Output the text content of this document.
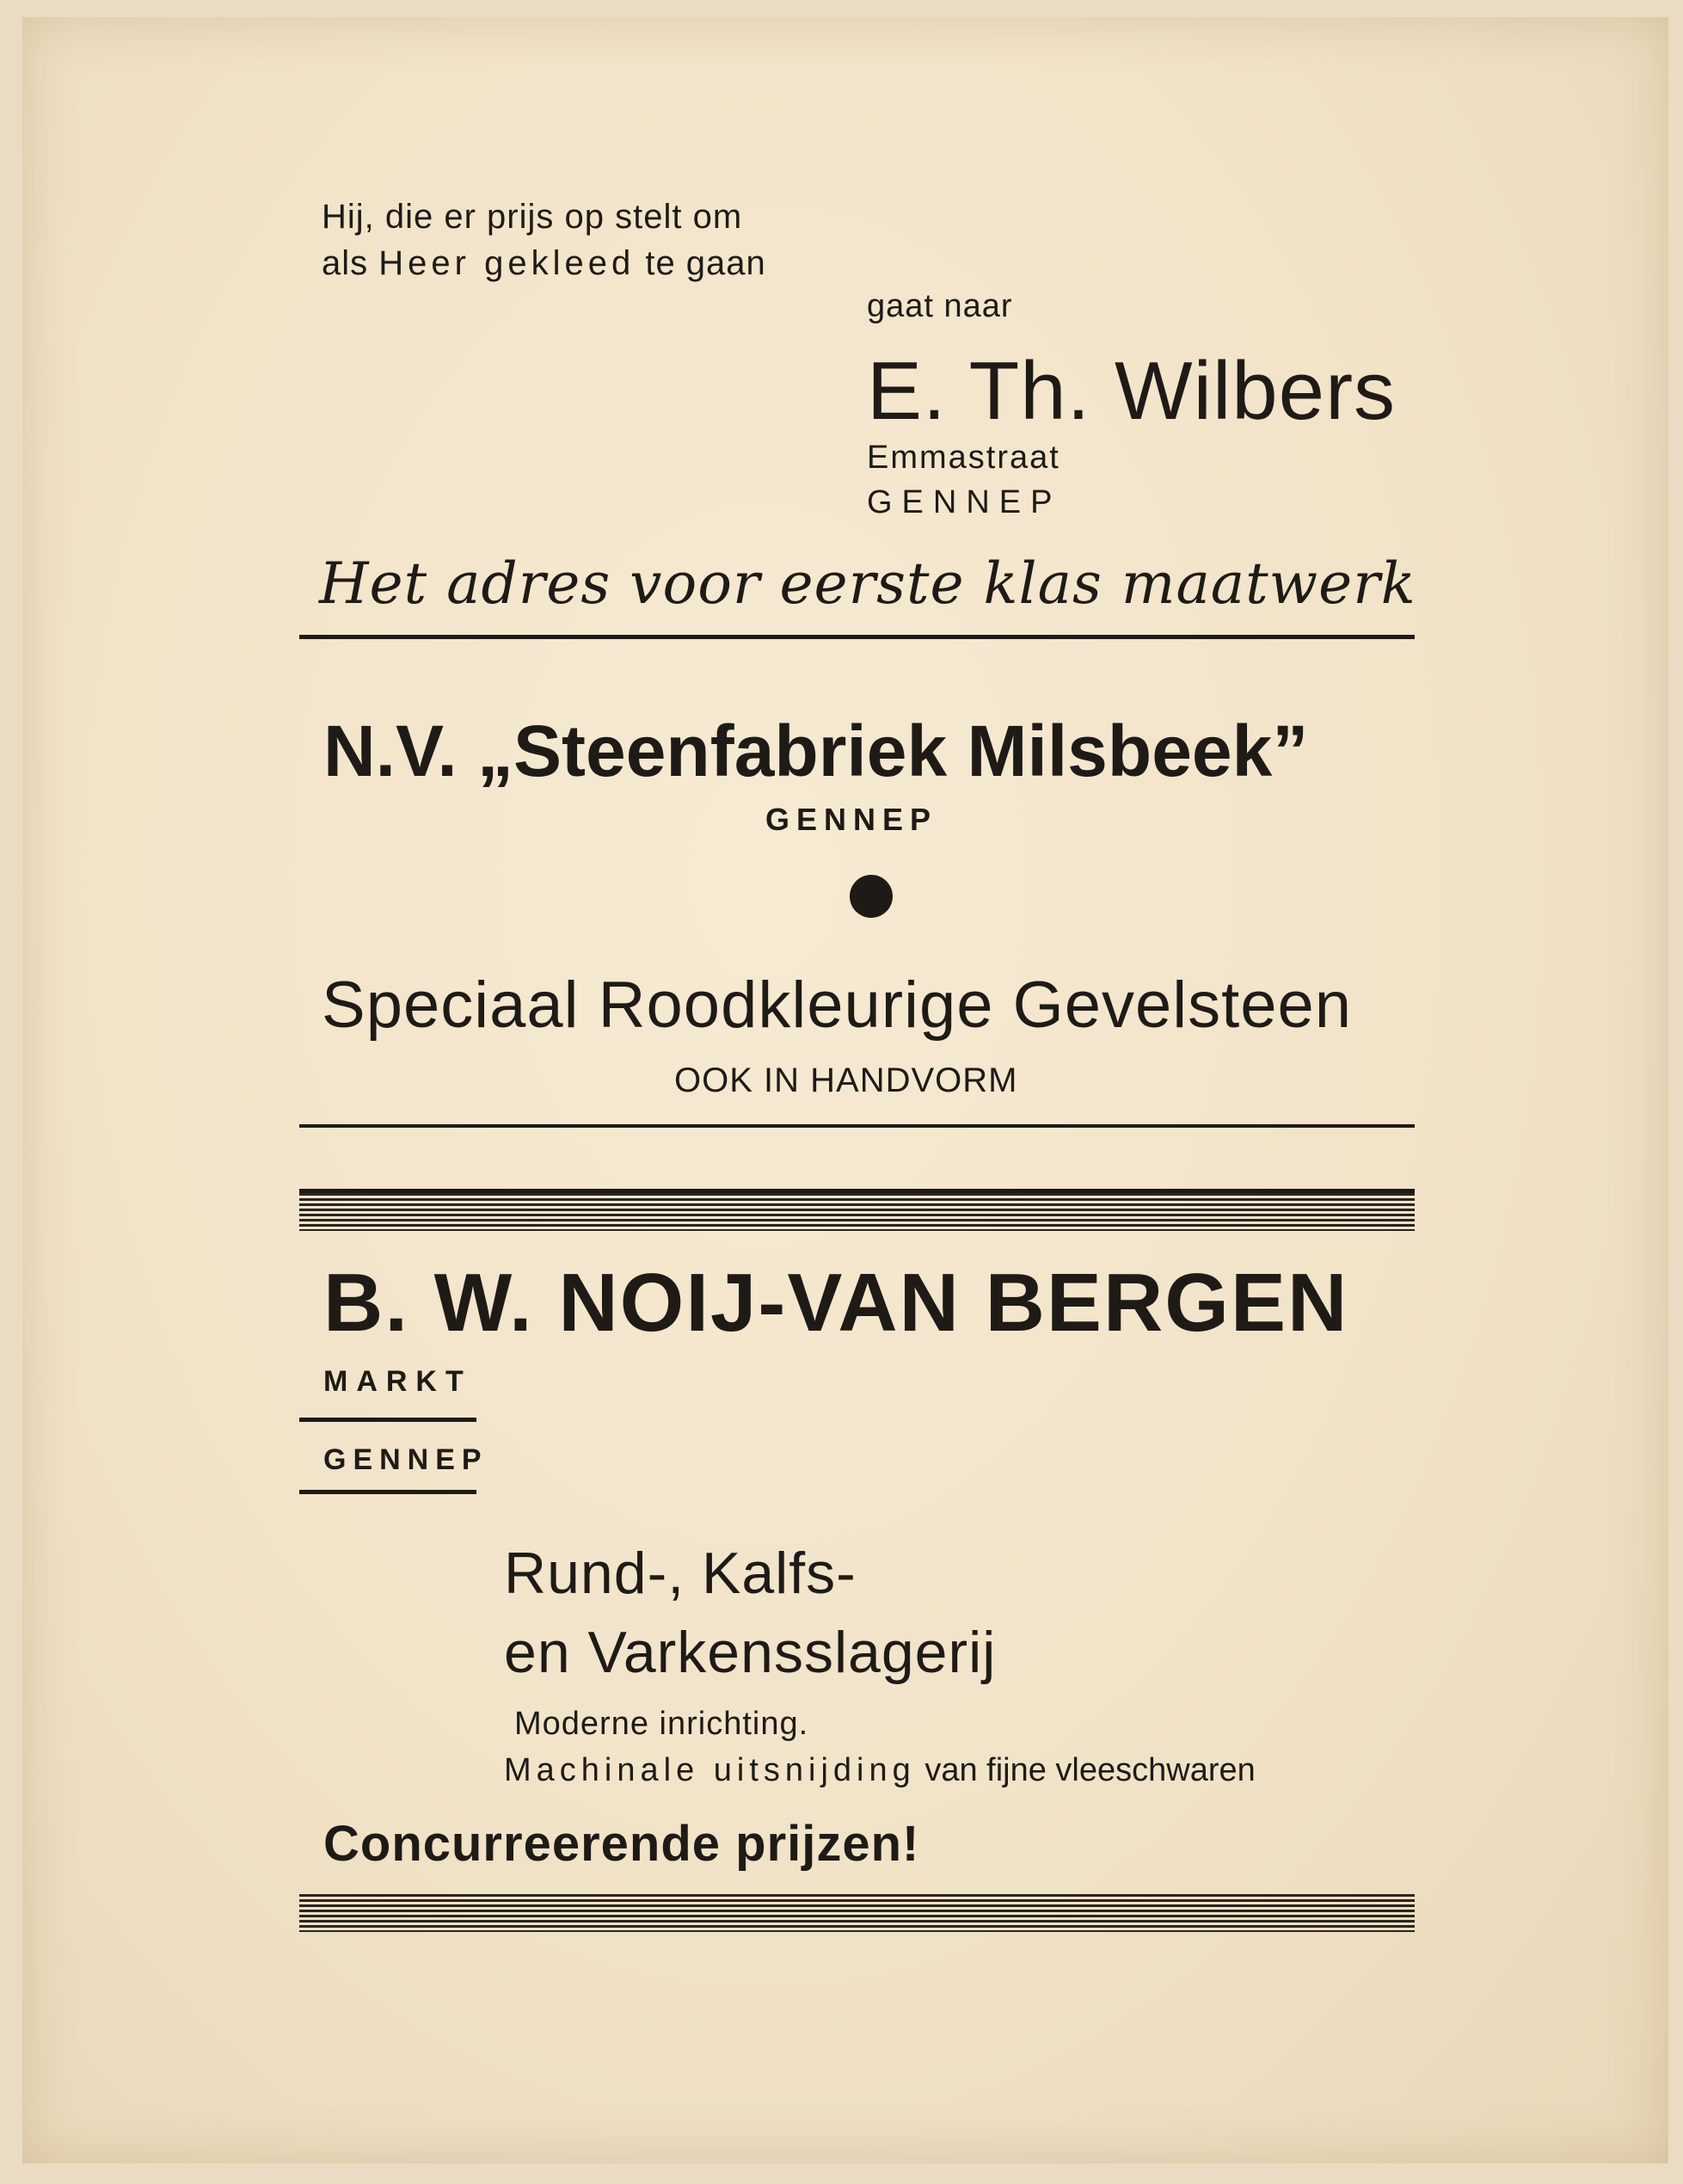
Hij, die er prijs op stelt om
als Heer gekleed te gaan
gaat naar
E. Th. Wilbers
Emmastraat
GENNEP
Het adres voor eerste klas maatwerk
N.V. „Steenfabriek Milsbeek”
GENNEP
Speciaal Roodkleurige Gevelsteen
OOK IN HANDVORM
B. W. NOIJ-VAN BERGEN
MARKT
GENNEP
Rund-, Kalfs-
en Varkensslagerij
Moderne inrichting.
Machinale uitsnijding van fijne vleeschwaren
Concurreerende prijzen!
